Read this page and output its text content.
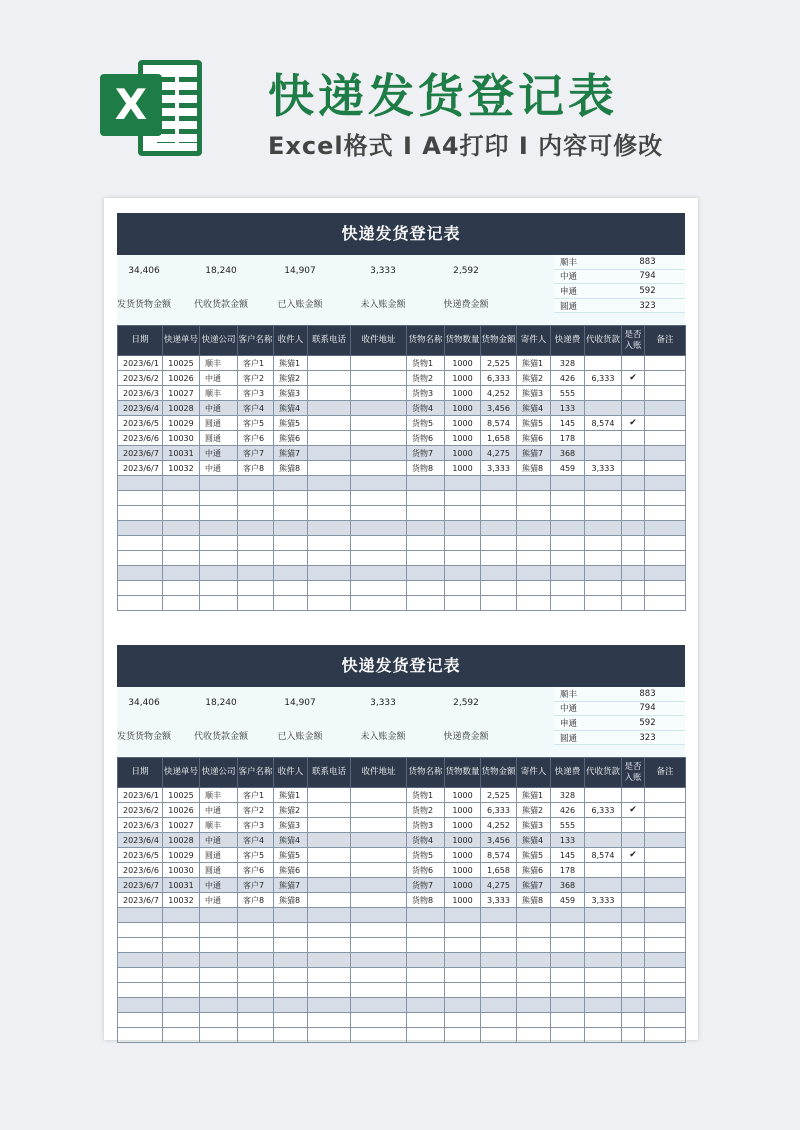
X	快递发货登记表
Excel格式 I A4打印 I 内容可修改
快递发货登记表
34,406
发货货物金额
18,240
代收货款金额
14,907
已入账金额
3,333
未入账金额
2,592
快递费金额
顺丰	883
中通	794
申通	592
圆通	323
日期	快递单号	快递公司	客户名称	收件人	联系电话	收件地址	货物名称	货物数量	货物金额	寄件人	快递费	代收货款	是否入账	备注
2023/6/1	10025	顺丰	客户1	熊猫1			货物1	1000	2,525	熊猫1	328			
2023/6/2	10026	中通	客户2	熊猫2			货物2	1000	6,333	熊猫2	426	6,333	✔	
2023/6/3	10027	顺丰	客户3	熊猫3			货物3	1000	4,252	熊猫3	555			
2023/6/4	10028	中通	客户4	熊猫4			货物4	1000	3,456	熊猫4	133			
2023/6/5	10029	圆通	客户5	熊猫5			货物5	1000	8,574	熊猫5	145	8,574	✔	
2023/6/6	10030	圆通	客户6	熊猫6			货物6	1000	1,658	熊猫6	178			
2023/6/7	10031	中通	客户7	熊猫7			货物7	1000	4,275	熊猫7	368			
2023/6/7	10032	中通	客户8	熊猫8			货物8	1000	3,333	熊猫8	459	3,333		

快递发货登记表
34,406
发货货物金额
18,240
代收货款金额
14,907
已入账金额
3,333
未入账金额
2,592
快递费金额
顺丰	883
中通	794
申通	592
圆通	323
日期	快递单号	快递公司	客户名称	收件人	联系电话	收件地址	货物名称	货物数量	货物金额	寄件人	快递费	代收货款	是否入账	备注
2023/6/1	10025	顺丰	客户1	熊猫1			货物1	1000	2,525	熊猫1	328			
2023/6/2	10026	中通	客户2	熊猫2			货物2	1000	6,333	熊猫2	426	6,333	✔	
2023/6/3	10027	顺丰	客户3	熊猫3			货物3	1000	4,252	熊猫3	555			
2023/6/4	10028	中通	客户4	熊猫4			货物4	1000	3,456	熊猫4	133			
2023/6/5	10029	圆通	客户5	熊猫5			货物5	1000	8,574	熊猫5	145	8,574	✔	
2023/6/6	10030	圆通	客户6	熊猫6			货物6	1000	1,658	熊猫6	178			
2023/6/7	10031	中通	客户7	熊猫7			货物7	1000	4,275	熊猫7	368			
2023/6/7	10032	中通	客户8	熊猫8			货物8	1000	3,333	熊猫8	459	3,333		
